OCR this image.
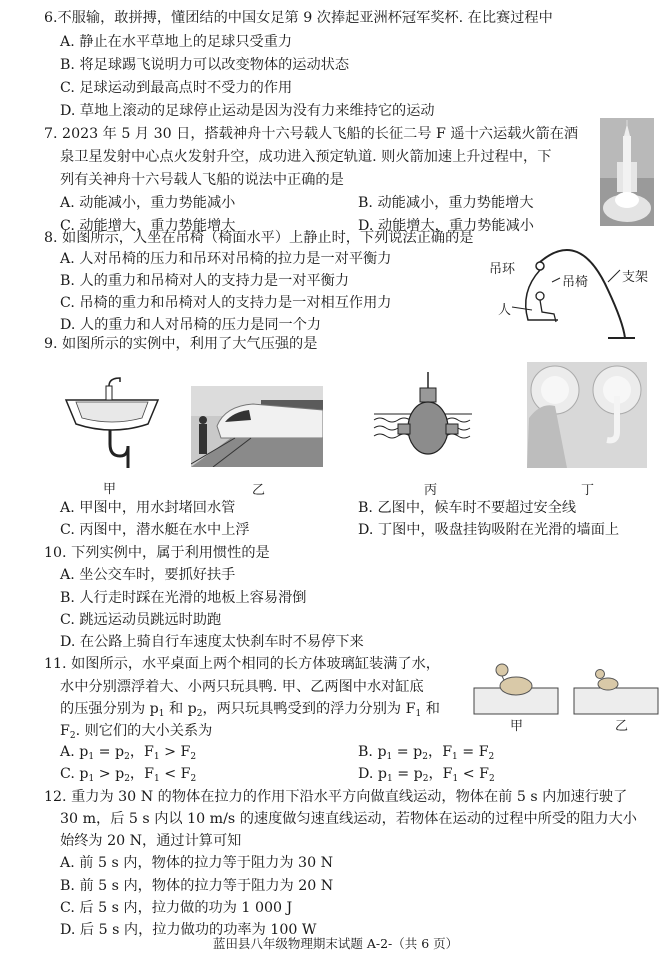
6.不服输，敢拼搏，懂团结的中国女足第 9 次捧起亚洲杯冠军奖杯. 在比赛过程中
A. 静止在水平草地上的足球只受重力
B. 将足球踢飞说明力可以改变物体的运动状态
C. 足球运动到最高点时不受力的作用
D. 草地上滚动的足球停止运动是因为没有力来维持它的运动
7. 2023 年 5 月 30 日，搭载神舟十六号载人飞船的长征二号 F 遥十六运载火箭在酒
泉卫星发射中心点火发射升空，成功进入预定轨道. 则火箭加速上升过程中，下
列有关神舟十六号载人飞船的说法中正确的是
A. 动能减小，重力势能减小	B. 动能减小，重力势能增大
C. 动能增大，重力势能增大	D. 动能增大，重力势能减小
8. 如图所示，人坐在吊椅（椅面水平）上静止时，下列说法正确的是
A. 人对吊椅的压力和吊环对吊椅的拉力是一对平衡力
B. 人的重力和吊椅对人的支持力是一对平衡力
C. 吊椅的重力和吊椅对人的支持力是一对相互作用力
D. 人的重力和人对吊椅的压力是同一个力
吊环
吊椅	支架
人
9. 如图所示的实例中，利用了大气压强的是
甲	乙	丙	丁
A. 甲图中，用水封堵回水管	B. 乙图中，候车时不要超过安全线
C. 丙图中，潜水艇在水中上浮	D. 丁图中，吸盘挂钩吸附在光滑的墙面上
10. 下列实例中，属于利用惯性的是
A. 坐公交车时，要抓好扶手
B. 人行走时踩在光滑的地板上容易滑倒
C. 跳远运动员跳远时助跑
D. 在公路上骑自行车速度太快刹车时不易停下来
11. 如图所示，水平桌面上两个相同的长方体玻璃缸装满了水，
水中分别漂浮着大、小两只玩具鸭. 甲、乙两图中水对缸底
的压强分别为 $p_1$ 和 $p_2$，两只玩具鸭受到的浮力分别为 $F_1$ 和
$F_2$. 则它们的大小关系为	甲	乙
A. $p_1 = p_2$，$F_1 > F_2$	B. $p_1 = p_2$，$F_1 = F_2$
C. $p_1 > p_2$，$F_1 < F_2$	D. $p_1 = p_2$，$F_1 < F_2$
12. 重力为 30 N 的物体在拉力的作用下沿水平方向做直线运动，物体在前 5 s 内加速行驶了
30 m，后 5 s 内以 10 m/s 的速度做匀速直线运动，若物体在运动的过程中所受的阻力大小
始终为 20 N，通过计算可知
A. 前 5 s 内，物体的拉力等于阻力为 30 N
B. 前 5 s 内，物体的拉力等于阻力为 20 N
C. 后 5 s 内，拉力做的功为 1 000 J
D. 后 5 s 内，拉力做功的功率为 100 W
蓝田县八年级物理期末试题 A-2-（共 6 页）
